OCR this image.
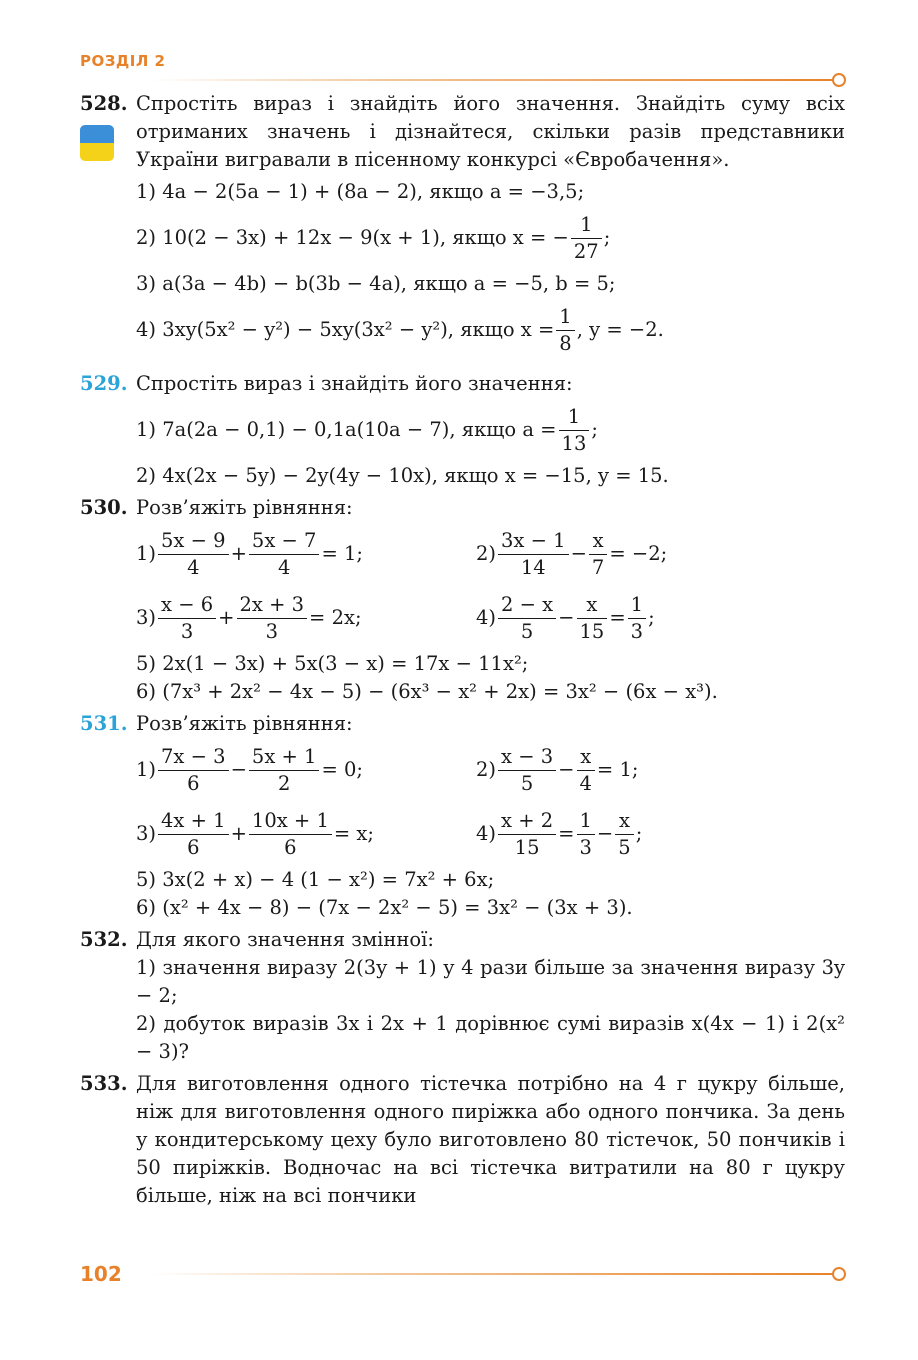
РОЗДІЛ 2
528. Спростіть вираз і знайдіть його значення. Знайдіть суму всіх отриманих значень і дізнайтеся, скільки разів представники України вигравали в пісенному конкурсі «Євробачення».
1) 4a − 2(5a − 1) + (8a − 2), якщо a = −3,5;
2) 10(2 − 3x) + 12x − 9(x + 1), якщо x = − $\frac{1}{27}$ ;
3) a(3a − 4b) − b(3b − 4a), якщо a = −5, b = 5;
4) 3xy(5x² − y²) − 5xy(3x² − y²), якщо $x = \frac{1}{8}$ , y = −2.
529. Спростіть вираз і знайдіть його значення:
1) 7a(2a − 0,1) − 0,1a(10a − 7), якщо $a = \frac{1}{13}$ ;
2) 4x(2x − 5y) − 2y(4y − 10x), якщо x = −15, y = 15.
530. Розв’яжіть рівняння:
$1) \frac{5x - 9}{4} + \frac{5x - 7}{4} = 1$;	$2) \frac{3x - 1}{14} - \frac{x}{7} = -2$;
$3) \frac{x - 6}{3} + \frac{2x + 3}{3} = 2x$;	$4) \frac{2 - x}{5} - \frac{x}{15} = \frac{1}{3}$ ;
5) 2x(1 − 3x) + 5x(3 − x) = 17x − 11x²;
6) (7x³ + 2x² − 4x − 5) − (6x³ − x² + 2x) = 3x² − (6x − x³).
531. Розв’яжіть рівняння:
$1) \frac{7x - 3}{6} - \frac{5x + 1}{2} = 0$;	$2) \frac{x - 3}{5} - \frac{x}{4} = 1$;
$3) \frac{4x + 1}{6} + \frac{10x + 1}{6} = x$;	$4) \frac{x + 2}{15} = \frac{1}{3} - \frac{x}{5}$ ;
5) 3x(2 + x) − 4 (1 − x²) = 7x² + 6x;
6) (x² + 4x − 8) − (7x − 2x² − 5) = 3x² − (3x + 3).
532. Для якого значення змінної:
1) значення виразу 2(3y + 1) у 4 рази більше за значення виразу 3y − 2;
2) добуток виразів 3x і 2x + 1 дорівнює сумі виразів x(4x − 1) і 2(x² − 3)?
533. Для виготовлення одного тістечка потрібно на 4 г цукру більше, ніж для виготовлення одного пиріжка або одного пончика. За день у кондитерському цеху було виготовлено 80 тістечок, 50 пончиків і 50 пиріжків. Водночас на всі тістечка витратили на 80 г цукру більше, ніж на всі пончики
102
